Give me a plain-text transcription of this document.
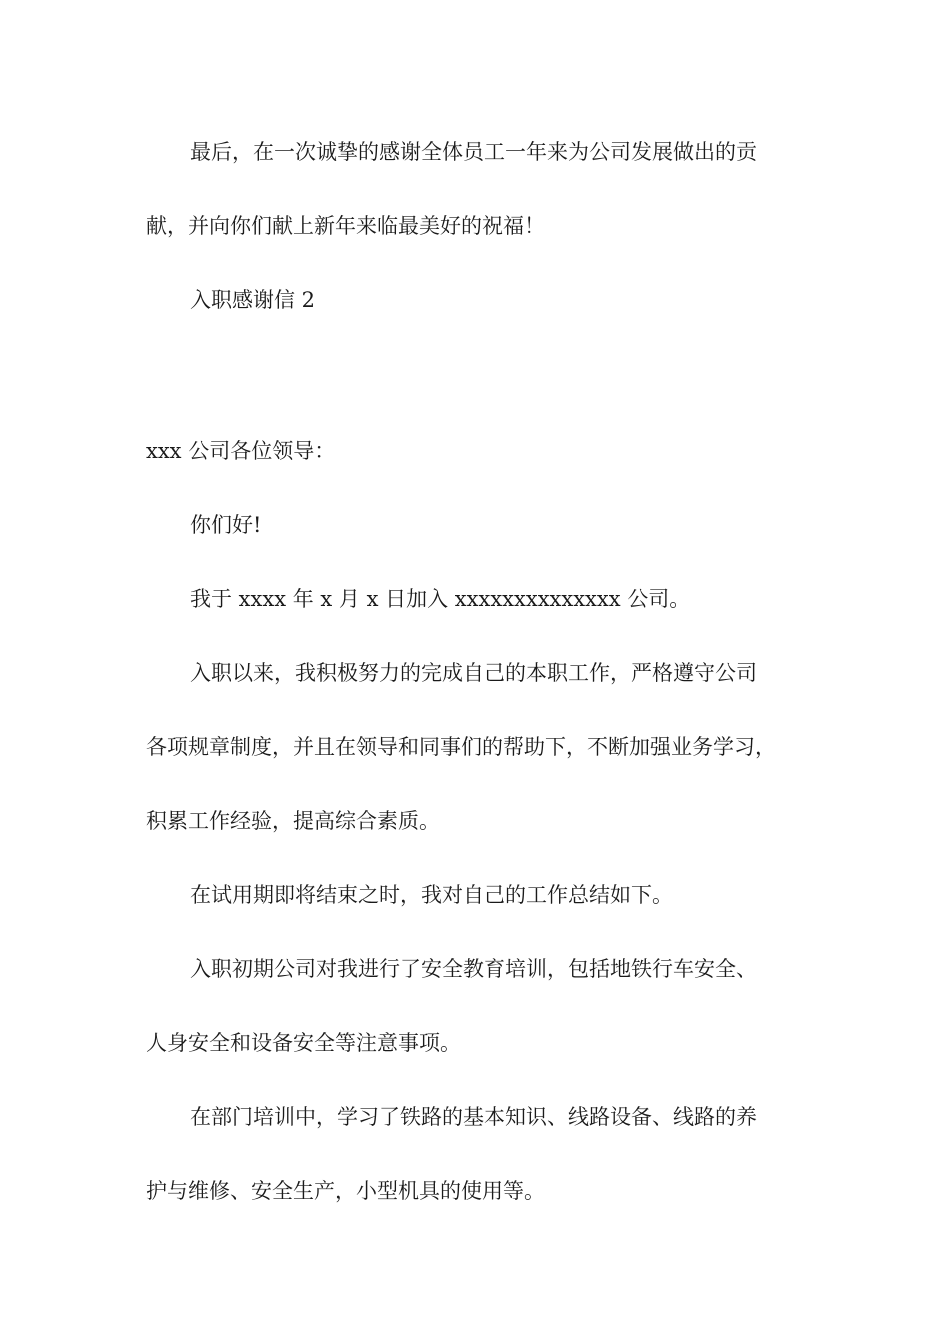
最后，在一次诚挚的感谢全体员工一年来为公司发展做出的贡

献，并向你们献上新年来临最美好的祝福！

入职感谢信 2

xxx 公司各位领导：

你们好!

我于 xxxx 年 x 月 x 日加入 xxxxxxxxxxxxxx 公司。

入职以来，我积极努力的完成自己的本职工作，严格遵守公司

各项规章制度，并且在领导和同事们的帮助下，不断加强业务学习，

积累工作经验，提高综合素质。

在试用期即将结束之时，我对自己的工作总结如下。

入职初期公司对我进行了安全教育培训，包括地铁行车安全、

人身安全和设备安全等注意事项。

在部门培训中，学习了铁路的基本知识、线路设备、线路的养

护与维修、安全生产，小型机具的使用等。
